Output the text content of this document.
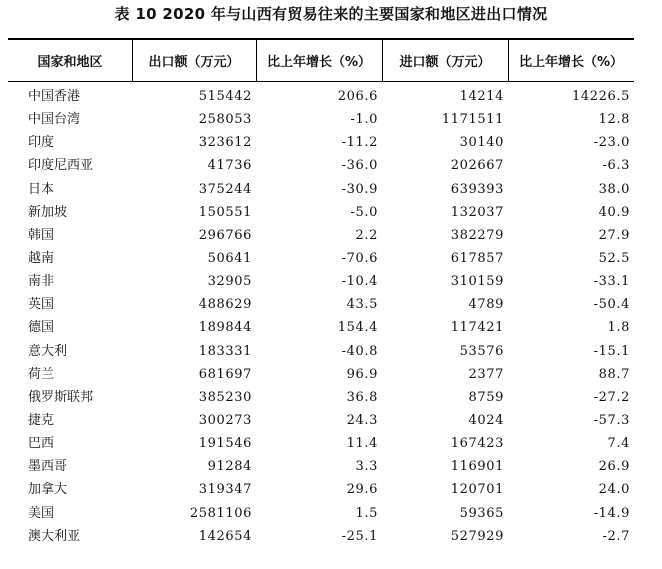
表 10 2020 年与山西有贸易往来的主要国家和地区进出口情况
国家和地区	出口额（万元）	比上年增长（%）	进口额（万元）	比上年增长（%）
中国香港	515442	206.6	14214	14226.5
中国台湾	258053	-1.0	1171511	12.8
印度	323612	-11.2	30140	-23.0
印度尼西亚	41736	-36.0	202667	-6.3
日本	375244	-30.9	639393	38.0
新加坡	150551	-5.0	132037	40.9
韩国	296766	2.2	382279	27.9
越南	50641	-70.6	617857	52.5
南非	32905	-10.4	310159	-33.1
英国	488629	43.5	4789	-50.4
德国	189844	154.4	117421	1.8
意大利	183331	-40.8	53576	-15.1
荷兰	681697	96.9	2377	88.7
俄罗斯联邦	385230	36.8	8759	-27.2
捷克	300273	24.3	4024	-57.3
巴西	191546	11.4	167423	7.4
墨西哥	91284	3.3	116901	26.9
加拿大	319347	29.6	120701	24.0
美国	2581106	1.5	59365	-14.9
澳大利亚	142654	-25.1	527929	-2.7
